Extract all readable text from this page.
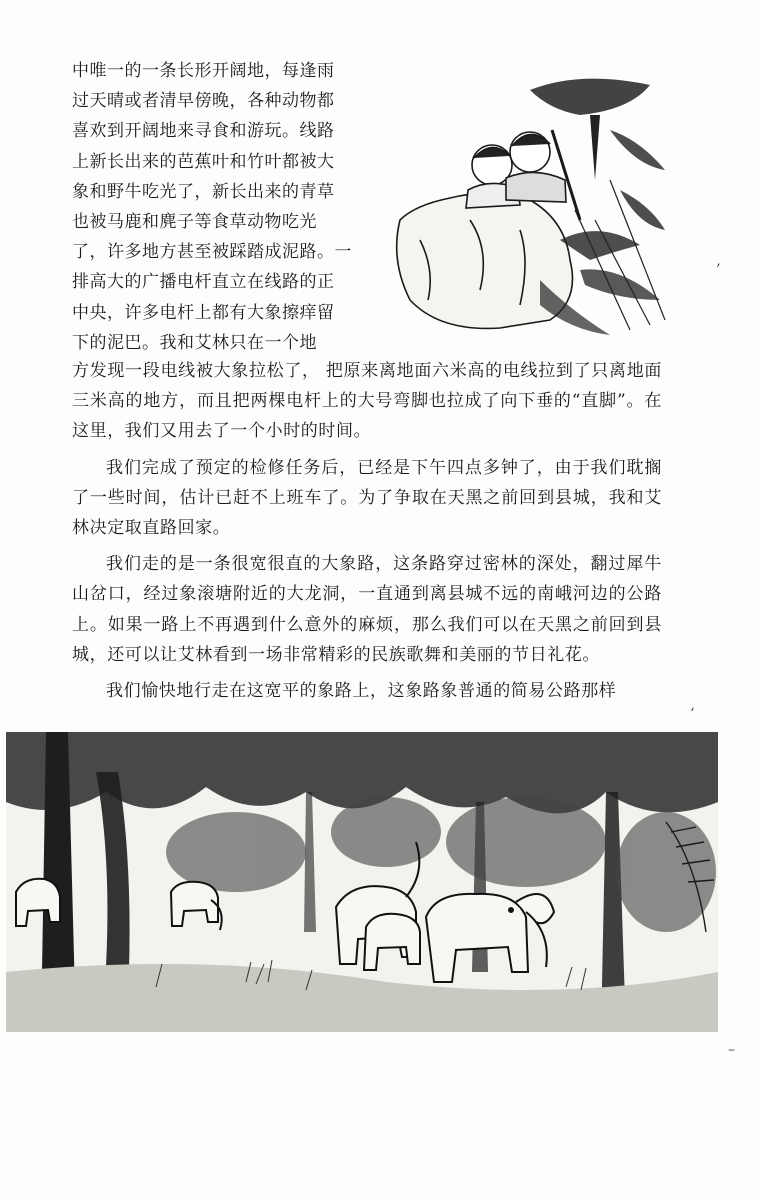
中唯一的一条长形开阔地，每逢雨

过天晴或者清早傍晚，各种动物都

喜欢到开阔地来寻食和游玩。线路

上新长出来的芭蕉叶和竹叶都被大

象和野牛吃光了，新长出来的青草

也被马鹿和麂子等食草动物吃光

了，许多地方甚至被踩踏成泥路。一

排高大的广播电杆直立在线路的正

中央，许多电杆上都有大象擦痒留

下的泥巴。我和艾林只在一个地

方发现一段电线被大象拉松了， 把原来离地面六米高的电线拉到了只离地面三米高的地方，而且把两棵电杆上的大号弯脚也拉成了向下垂的“直脚”。在这里，我们又用去了一个小时的时间。

我们完成了预定的检修任务后，已经是下午四点多钟了，由于我们耽搁了一些时间，估计已赶不上班车了。为了争取在天黑之前回到县城，我和艾林决定取直路回家。

我们走的是一条很宽很直的大象路，这条路穿过密林的深处，翻过犀牛山岔口，经过象滚塘附近的大龙洞，一直通到离县城不远的南峨河边的公路上。如果一路上不再遇到什么意外的麻烦，那么我们可以在天黑之前回到县城，还可以让艾林看到一场非常精彩的民族歌舞和美丽的节日礼花。

我们愉快地行走在这宽平的象路上，这象路象普通的简易公路那样

’
‘
–
